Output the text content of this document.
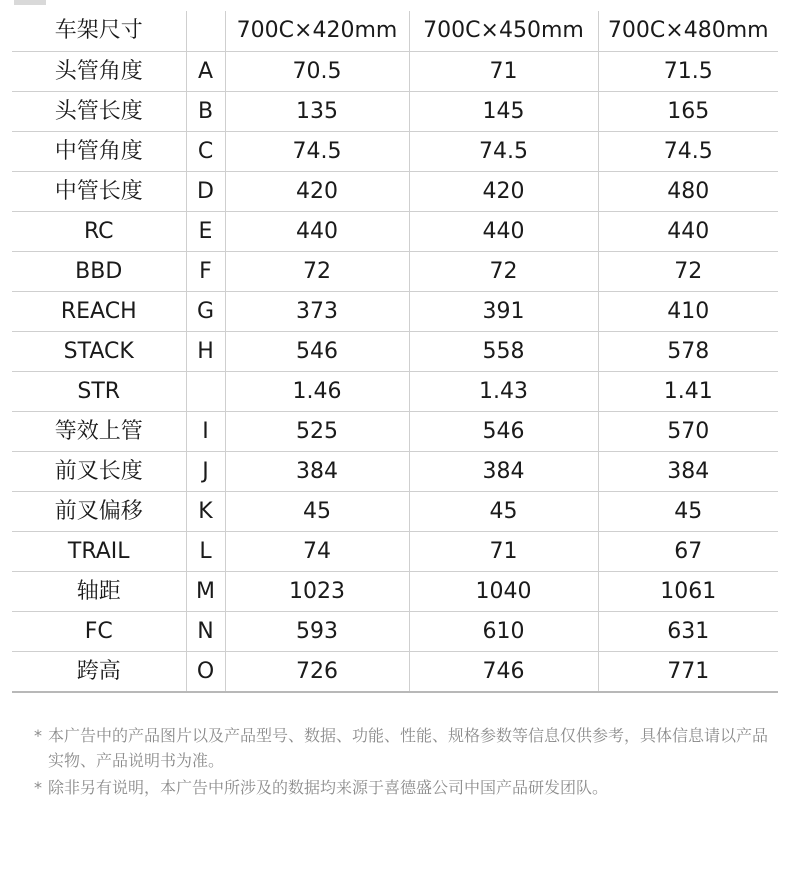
车架尺寸		700C×420mm	700C×450mm	700C×480mm
头管角度	A	70.5	71	71.5
头管长度	B	135	145	165
中管角度	C	74.5	74.5	74.5
中管长度	D	420	420	480
RC	E	440	440	440
BBD	F	72	72	72
REACH	G	373	391	410
STACK	H	546	558	578
STR		1.46	1.43	1.41
等效上管	I	525	546	570
前叉长度	J	384	384	384
前叉偏移	K	45	45	45
TRAIL	L	74	71	67
轴距	M	1023	1040	1061
FC	N	593	610	631
跨高	O	726	746	771
* 本广告中的产品图片以及产品型号、数据、功能、性能、规格参数等信息仅供参考，具体信息请以产品实物、产品说明书为准。
* 除非另有说明，本广告中所涉及的数据均来源于喜德盛公司中国产品研发团队。
